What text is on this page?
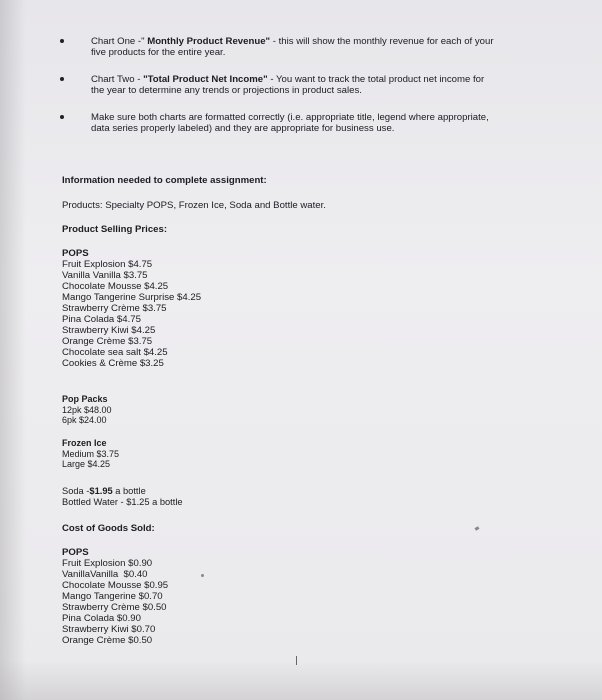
Chart One -" Monthly Product Revenue" - this will show the monthly revenue for each of your five products for the entire year.
Chart Two - "Total Product Net Income" - You want to track the total product net income for the year to determine any trends or projections in product sales.
Make sure both charts are formatted correctly (i.e. appropriate title, legend where appropriate, data series properly labeled) and they are appropriate for business use.
Information needed to complete assignment:
Products: Specialty POPS, Frozen Ice, Soda and Bottle water.
Product Selling Prices:
POPS
Fruit Explosion $4.75
Vanilla Vanilla $3.75
Chocolate Mousse $4.25
Mango Tangerine Surprise $4.25
Strawberry Crème $3.75
Pina Colada $4.75
Strawberry Kiwi $4.25
Orange Crème $3.75
Chocolate sea salt $4.25
Cookies & Crème $3.25
Pop Packs
12pk $48.00
6pk $24.00
Frozen Ice
Medium $3.75
Large $4.25
Soda -$1.95 a bottle
Bottled Water - $1.25 a bottle
Cost of Goods Sold:
POPS
Fruit Explosion $0.90
VanillaVanilla  $0.40
Chocolate Mousse $0.95
Mango Tangerine $0.70
Strawberry Crème $0.50
Pina Colada $0.90
Strawberry Kiwi $0.70
Orange Crème $0.50
